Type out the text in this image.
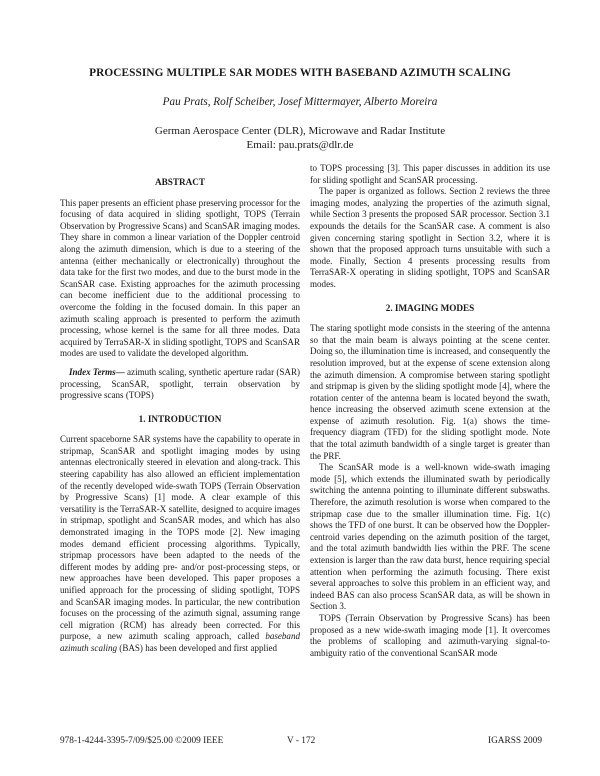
PROCESSING MULTIPLE SAR MODES WITH BASEBAND AZIMUTH SCALING
Pau Prats, Rolf Scheiber, Josef Mittermayer, Alberto Moreira
German Aerospace Center (DLR), Microwave and Radar Institute
Email: pau.prats@dlr.de
ABSTRACT

This paper presents an efficient phase preserving processor for the focusing of data acquired in sliding spotlight, TOPS (Terrain Observation by Progressive Scans) and ScanSAR imaging modes. They share in common a linear variation of the Doppler centroid along the azimuth dimension, which is due to a steering of the antenna (either mechanically or electronically) throughout the data take for the first two modes, and due to the burst mode in the ScanSAR case. Existing approaches for the azimuth processing can become inefficient due to the additional processing to overcome the folding in the focused domain. In this paper an azimuth scaling approach is presented to perform the azimuth processing, whose kernel is the same for all three modes. Data acquired by TerraSAR-X in sliding spotlight, TOPS and ScanSAR modes are used to validate the developed algorithm.

Index Terms— azimuth scaling, synthetic aperture radar (SAR) processing, ScanSAR, spotlight, terrain observation by progressive scans (TOPS)

1. INTRODUCTION

Current spaceborne SAR systems have the capability to operate in stripmap, ScanSAR and spotlight imaging modes by using antennas electronically steered in elevation and along-track. This steering capability has also allowed an efficient implementation of the recently developed wide-swath TOPS (Terrain Observation by Progressive Scans) [1] mode. A clear example of this versatility is the TerraSAR-X satellite, designed to acquire images in stripmap, spotlight and ScanSAR modes, and which has also demonstrated imaging in the TOPS mode [2]. New imaging modes demand efficient processing algorithms. Typically, stripmap processors have been adapted to the needs of the different modes by adding pre- and/or post-processing steps, or new approaches have been developed. This paper proposes a unified approach for the processing of sliding spotlight, TOPS and ScanSAR imaging modes. In particular, the new contribution focuses on the processing of the azimuth signal, assuming range cell migration (RCM) has already been corrected. For this purpose, a new azimuth scaling approach, called baseband azimuth scaling (BAS) has been developed and first applied

to TOPS processing [3]. This paper discusses in addition its use for sliding spotlight and ScanSAR processing.

The paper is organized as follows. Section 2 reviews the three imaging modes, analyzing the properties of the azimuth signal, while Section 3 presents the proposed SAR processor. Section 3.1 expounds the details for the ScanSAR case. A comment is also given concerning staring spotlight in Section 3.2, where it is shown that the proposed approach turns unsuitable with such a mode. Finally, Section 4 presents processing results from TerraSAR-X operating in sliding spotlight, TOPS and ScanSAR modes.

2. IMAGING MODES

The staring spotlight mode consists in the steering of the antenna so that the main beam is always pointing at the scene center. Doing so, the illumination time is increased, and consequently the resolution improved, but at the expense of scene extension along the azimuth dimension. A compromise between staring spotlight and stripmap is given by the sliding spotlight mode [4], where the rotation center of the antenna beam is located beyond the swath, hence increasing the observed azimuth scene extension at the expense of azimuth resolution. Fig. 1(a) shows the time-frequency diagram (TFD) for the sliding spotlight mode. Note that the total azimuth bandwidth of a single target is greater than the PRF.

The ScanSAR mode is a well-known wide-swath imaging mode [5], which extends the illuminated swath by periodically switching the antenna pointing to illuminate different subswaths. Therefore, the azimuth resolution is worse when compared to the stripmap case due to the smaller illumination time. Fig. 1(c) shows the TFD of one burst. It can be observed how the Doppler-centroid varies depending on the azimuth position of the target, and the total azimuth bandwidth lies within the PRF. The scene extension is larger than the raw data burst, hence requiring special attention when performing the azimuth focusing. There exist several approaches to solve this problem in an efficient way, and indeed BAS can also process ScanSAR data, as will be shown in Section 3.

TOPS (Terrain Observation by Progressive Scans) has been proposed as a new wide-swath imaging mode [1]. It overcomes the problems of scalloping and azimuth-varying signal-to-ambiguity ratio of the conventional ScanSAR mode

978-1-4244-3395-7/09/$25.00 ©2009 IEEE	V - 172	IGARSS 2009
